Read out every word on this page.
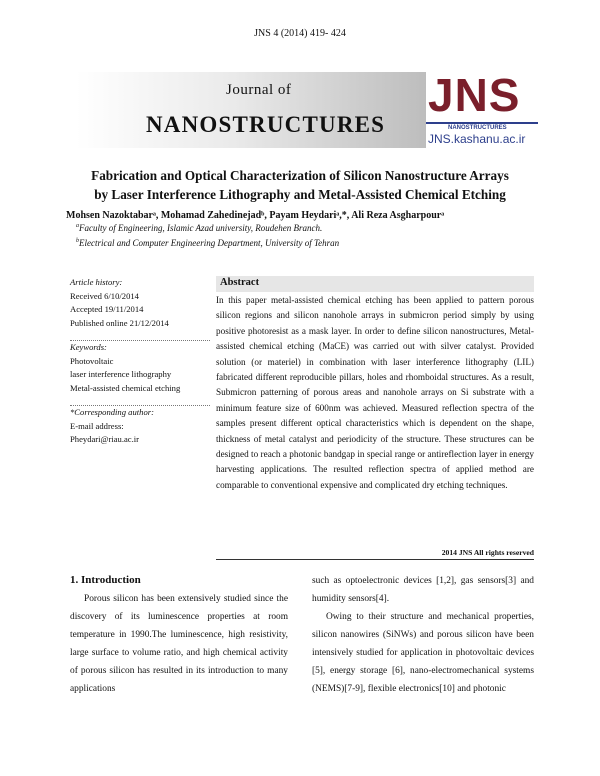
JNS 4 (2014) 419- 424
Journal of
NANOSTRUCTURES
JNS
NANOSTRUCTURES
JNS.kashanu.ac.ir
Fabrication and Optical Characterization of Silicon Nanostructure Arrays
by Laser Interference Lithography and Metal-Assisted Chemical Etching
Mohsen Nazoktabarᵃ, Mohamad Zahedinejadᵇ, Payam Heydariᵃ,*, Ali Reza Asgharpourᵃ
$^a$Faculty of Engineering, Islamic Azad university, Roudehen Branch.
$^b$Electrical and Computer Engineering Department, University of Tehran
Article history:
Received 6/10/2014
Accepted 19/11/2014
Published online 21/12/2014
Keywords:
Photovoltaic
laser interference lithography
Metal-assisted chemical etching
*Corresponding author:
E-mail address:
Pheydari@riau.ac.ir
Abstract
In this paper metal-assisted chemical etching has been applied to pattern porous silicon regions and silicon nanohole arrays in submicron period simply by using positive photoresist as a mask layer. In order to define silicon nanostructures, Metal-assisted chemical etching (MaCE) was carried out with silver catalyst. Provided solution (or materiel) in combination with laser interference lithography (LIL) fabricated different reproducible pillars, holes and rhomboidal structures. As a result, Submicron patterning of porous areas and nanohole arrays on Si substrate with a minimum feature size of 600nm was achieved. Measured reflection spectra of the samples present different optical characteristics which is dependent on the shape, thickness of metal catalyst and periodicity of the structure. These structures can be designed to reach a photonic bandgap in special range or antireflection layer in energy harvesting applications. The resulted reflection spectra of applied method are comparable to conventional expensive and complicated dry etching techniques.
2014 JNS All rights reserved
1. Introduction

Porous silicon has been extensively studied since the discovery of its luminescence properties at room temperature in 1990.The luminescence, high resistivity, large surface to volume ratio, and high chemical activity of porous silicon has resulted in its introduction to many applications

such as optoelectronic devices [1,2], gas sensors[3] and humidity sensors[4].

Owing to their structure and mechanical properties, silicon nanowires (SiNWs) and porous silicon have been intensively studied for application in photovoltaic devices [5], energy storage [6], nano-electromechanical systems (NEMS)[7-9], flexible electronics[10] and photonic
